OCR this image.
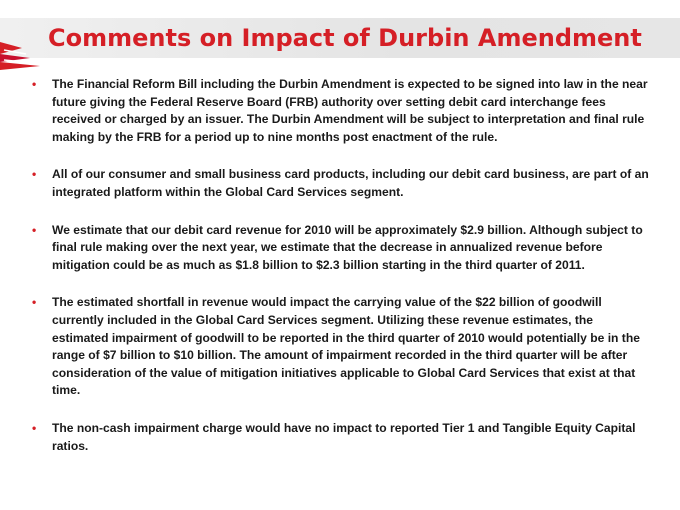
Comments on Impact of Durbin Amendment
• The Financial Reform Bill including the Durbin Amendment is expected to be signed into law in the near future giving the Federal Reserve Board (FRB) authority over setting debit card interchange fees received or charged by an issuer. The Durbin Amendment will be subject to interpretation and final rule making by the FRB for a period up to nine months post enactment of the rule.
• All of our consumer and small business card products, including our debit card business, are part of an integrated platform within the Global Card Services segment.
• We estimate that our debit card revenue for 2010 will be approximately $2.9 billion. Although subject to final rule making over the next year, we estimate that the decrease in annualized revenue before mitigation could be as much as $1.8 billion to $2.3 billion starting in the third quarter of 2011.
• The estimated shortfall in revenue would impact the carrying value of the $22 billion of goodwill currently included in the Global Card Services segment. Utilizing these revenue estimates, the estimated impairment of goodwill to be reported in the third quarter of 2010 would potentially be in the range of $7 billion to $10 billion. The amount of impairment recorded in the third quarter will be after consideration of the value of mitigation initiatives applicable to Global Card Services that exist at that time.
• The non-cash impairment charge would have no impact to reported Tier 1 and Tangible Equity Capital ratios.
